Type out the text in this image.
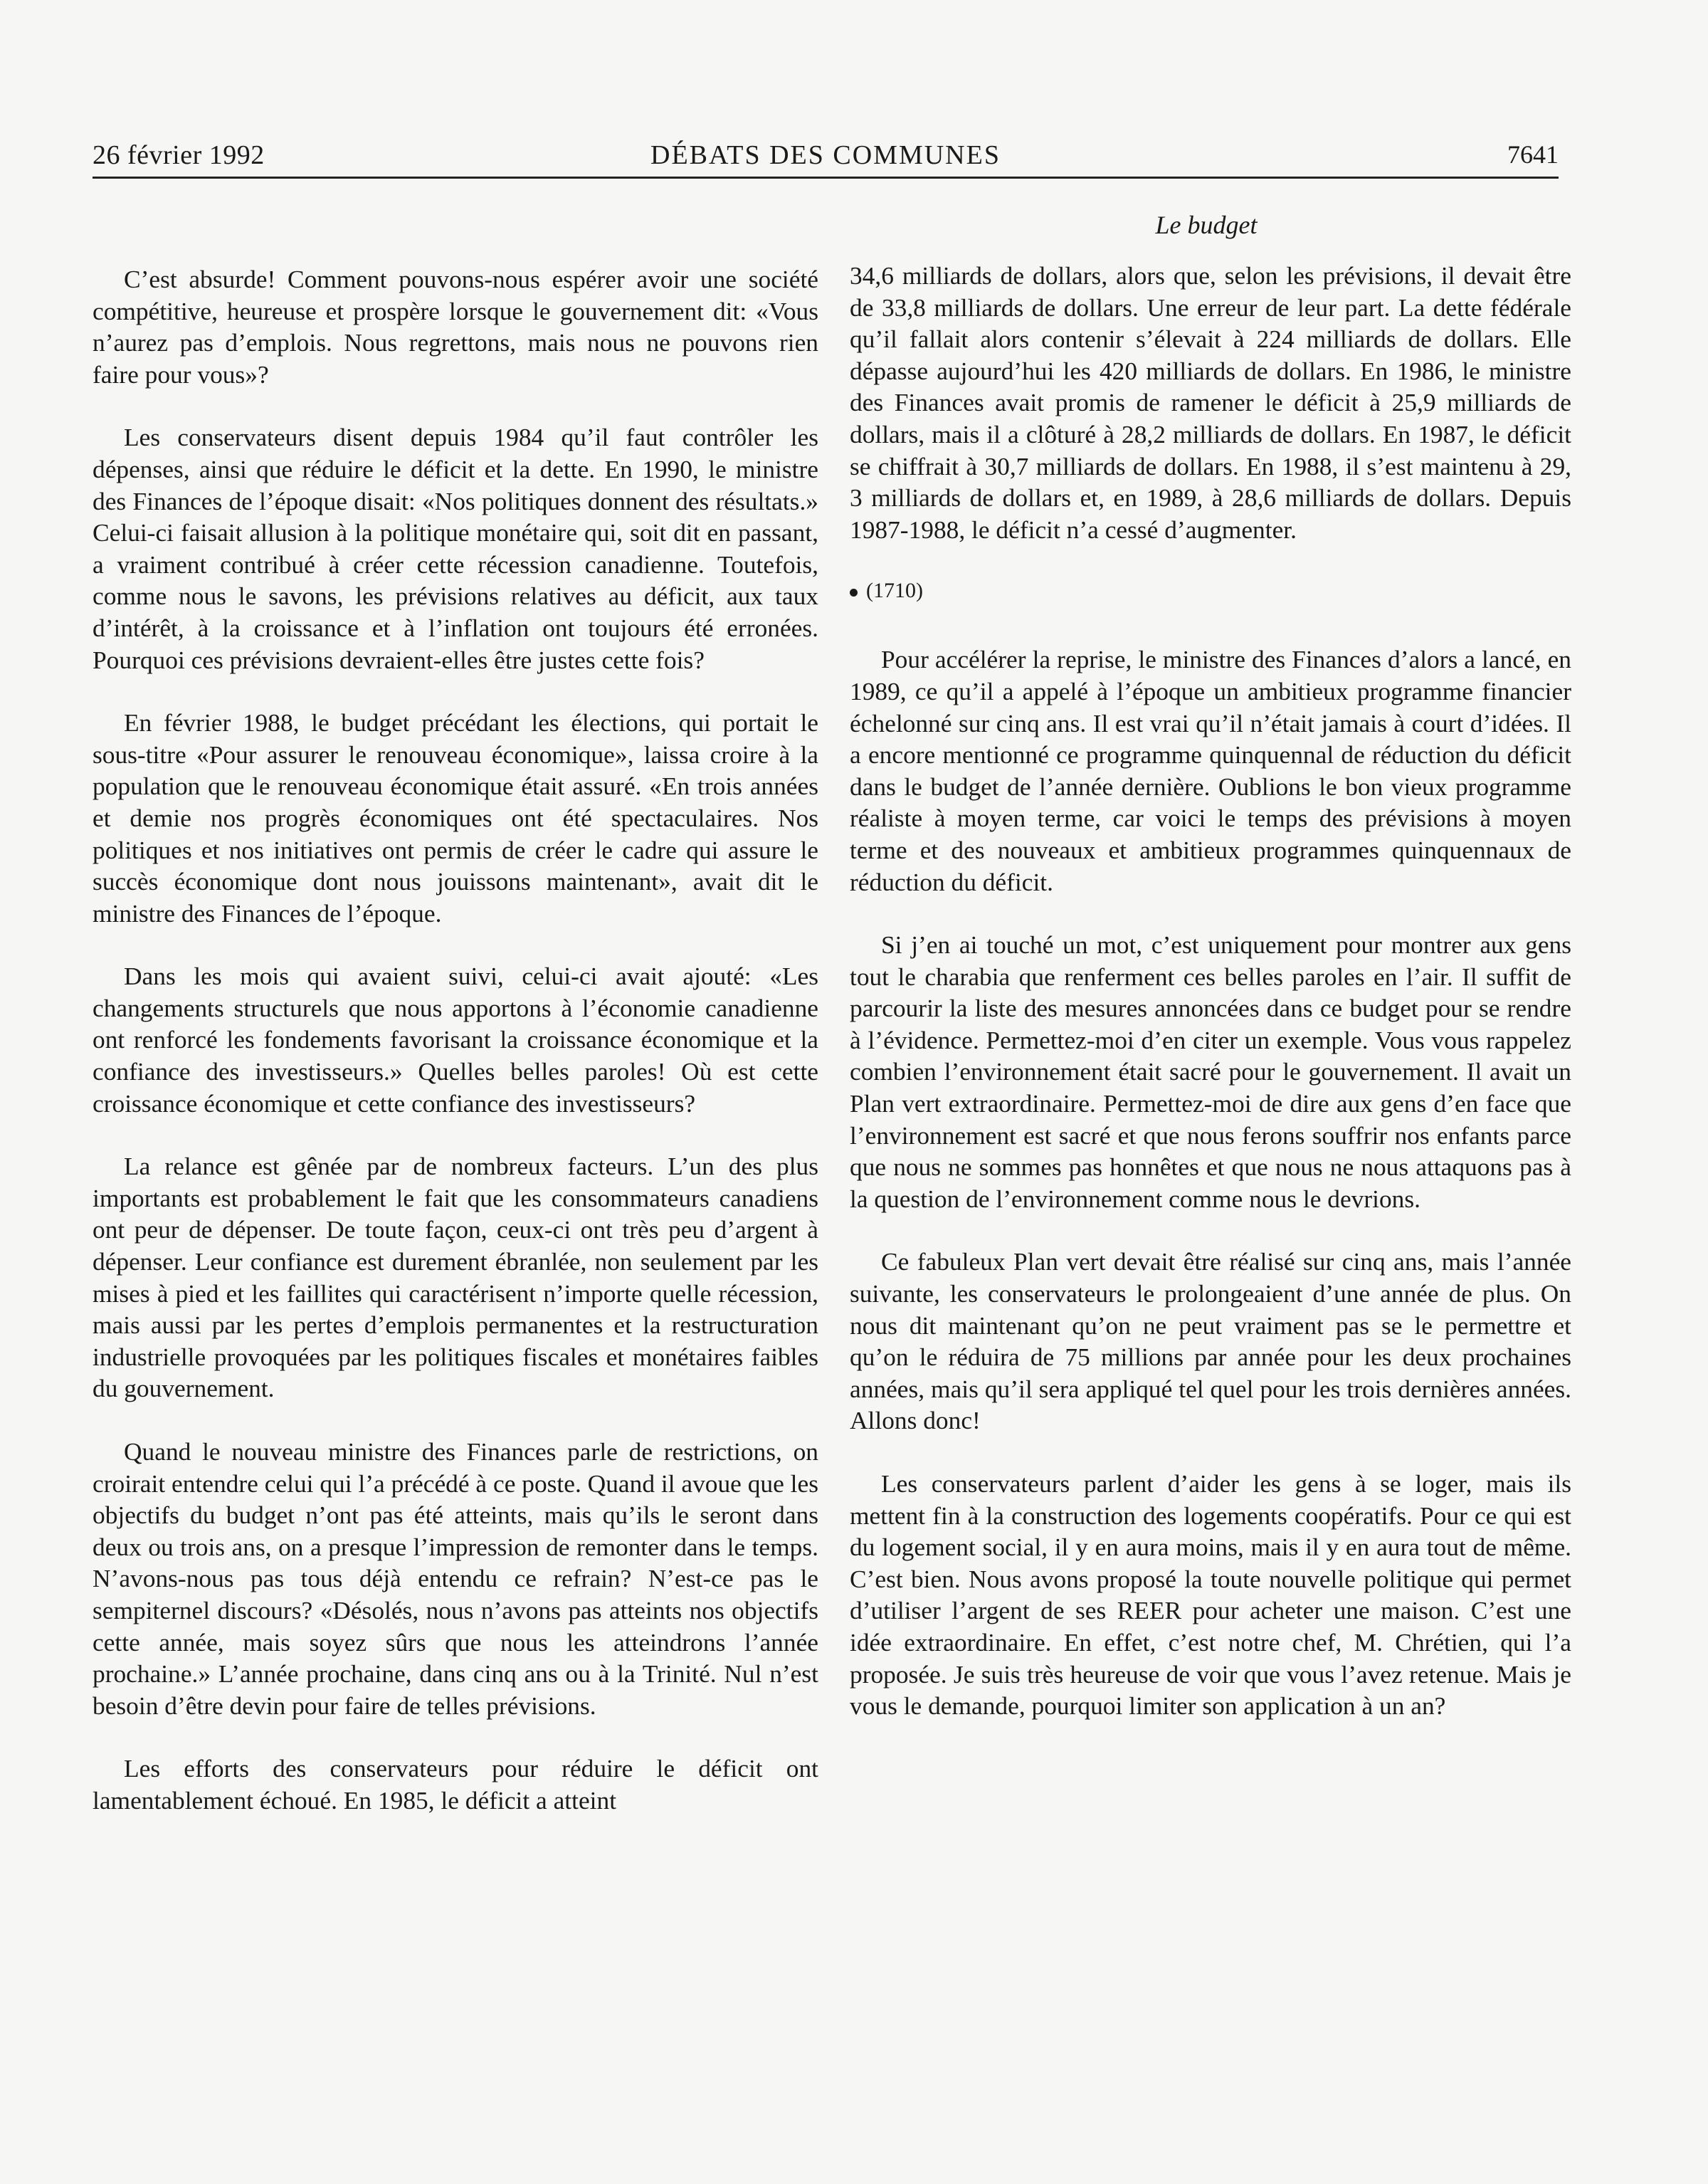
26 février 1992	DÉBATS DES COMMUNES	7641
Le budget

C’est absurde! Comment pouvons-nous espérer avoir une société compétitive, heureuse et prospère lorsque le gouvernement dit: «Vous n’aurez pas d’emplois. Nous regrettons, mais nous ne pouvons rien faire pour vous»?

Les conservateurs disent depuis 1984 qu’il faut contrôler les dépenses, ainsi que réduire le déficit et la dette. En 1990, le ministre des Finances de l’époque disait: «Nos politiques donnent des résultats.» Celui-ci faisait allusion à la politique monétaire qui, soit dit en passant, a vraiment contribué à créer cette récession canadienne. Toutefois, comme nous le savons, les prévisions relatives au déficit, aux taux d’intérêt, à la croissance et à l’inflation ont toujours été erronées. Pourquoi ces prévisions devraient-elles être justes cette fois?

En février 1988, le budget précédant les élections, qui portait le sous-titre «Pour assurer le renouveau économique», laissa croire à la population que le renouveau économique était assuré. «En trois années et demie nos progrès économiques ont été spectaculaires. Nos politiques et nos initiatives ont permis de créer le cadre qui assure le succès économique dont nous jouissons maintenant», avait dit le ministre des Finances de l’époque.

Dans les mois qui avaient suivi, celui-ci avait ajouté: «Les changements structurels que nous apportons à l’économie canadienne ont renforcé les fondements favorisant la croissance économique et la confiance des investisseurs.» Quelles belles paroles! Où est cette croissance économique et cette confiance des investisseurs?

La relance est gênée par de nombreux facteurs. L’un des plus importants est probablement le fait que les consommateurs canadiens ont peur de dépenser. De toute façon, ceux-ci ont très peu d’argent à dépenser. Leur confiance est durement ébranlée, non seulement par les mises à pied et les faillites qui caractérisent n’importe quelle récession, mais aussi par les pertes d’emplois permanentes et la restructuration industrielle provoquées par les politiques fiscales et monétaires faibles du gouvernement.

Quand le nouveau ministre des Finances parle de restrictions, on croirait entendre celui qui l’a précédé à ce poste. Quand il avoue que les objectifs du budget n’ont pas été atteints, mais qu’ils le seront dans deux ou trois ans, on a presque l’impression de remonter dans le temps. N’avons-nous pas tous déjà entendu ce refrain? N’est-ce pas le sempiternel discours? «Désolés, nous n’avons pas atteints nos objectifs cette année, mais soyez sûrs que nous les atteindrons l’année prochaine.» L’année prochaine, dans cinq ans ou à la Trinité. Nul n’est besoin d’être devin pour faire de telles prévisions.

Les efforts des conservateurs pour réduire le déficit ont lamentablement échoué. En 1985, le déficit a atteint

34,6 milliards de dollars, alors que, selon les prévisions, il devait être de 33,8 milliards de dollars. Une erreur de leur part. La dette fédérale qu’il fallait alors contenir s’élevait à 224 milliards de dollars. Elle dépasse aujourd’hui les 420 milliards de dollars. En 1986, le ministre des Finances avait promis de ramener le déficit à 25,9 milliards de dollars, mais il a clôturé à 28,2 milliards de dollars. En 1987, le déficit se chiffrait à 30,7 milliards de dollars. En 1988, il s’est maintenu à 29, 3 milliards de dollars et, en 1989, à 28,6 milliards de dollars. Depuis 1987-1988, le déficit n’a cessé d’augmenter.

(1710)

Pour accélérer la reprise, le ministre des Finances d’alors a lancé, en 1989, ce qu’il a appelé à l’époque un ambitieux programme financier échelonné sur cinq ans. Il est vrai qu’il n’était jamais à court d’idées. Il a encore mentionné ce programme quinquennal de réduction du déficit dans le budget de l’année dernière. Oublions le bon vieux programme réaliste à moyen terme, car voici le temps des prévisions à moyen terme et des nouveaux et ambitieux programmes quinquennaux de réduction du déficit.

Si j’en ai touché un mot, c’est uniquement pour montrer aux gens tout le charabia que renferment ces belles paroles en l’air. Il suffit de parcourir la liste des mesures annoncées dans ce budget pour se rendre à l’évidence. Permettez-moi d’en citer un exemple. Vous vous rappelez combien l’environnement était sacré pour le gouvernement. Il avait un Plan vert extraordinaire. Permettez-moi de dire aux gens d’en face que l’environnement est sacré et que nous ferons souffrir nos enfants parce que nous ne sommes pas honnêtes et que nous ne nous attaquons pas à la question de l’environnement comme nous le devrions.

Ce fabuleux Plan vert devait être réalisé sur cinq ans, mais l’année suivante, les conservateurs le prolongeaient d’une année de plus. On nous dit maintenant qu’on ne peut vraiment pas se le permettre et qu’on le réduira de 75 millions par année pour les deux prochaines années, mais qu’il sera appliqué tel quel pour les trois dernières années. Allons donc!

Les conservateurs parlent d’aider les gens à se loger, mais ils mettent fin à la construction des logements coopératifs. Pour ce qui est du logement social, il y en aura moins, mais il y en aura tout de même. C’est bien. Nous avons proposé la toute nouvelle politique qui permet d’utiliser l’argent de ses REER pour acheter une maison. C’est une idée extraordinaire. En effet, c’est notre chef, M. Chrétien, qui l’a proposée. Je suis très heureuse de voir que vous l’avez retenue. Mais je vous le demande, pourquoi limiter son application à un an?
